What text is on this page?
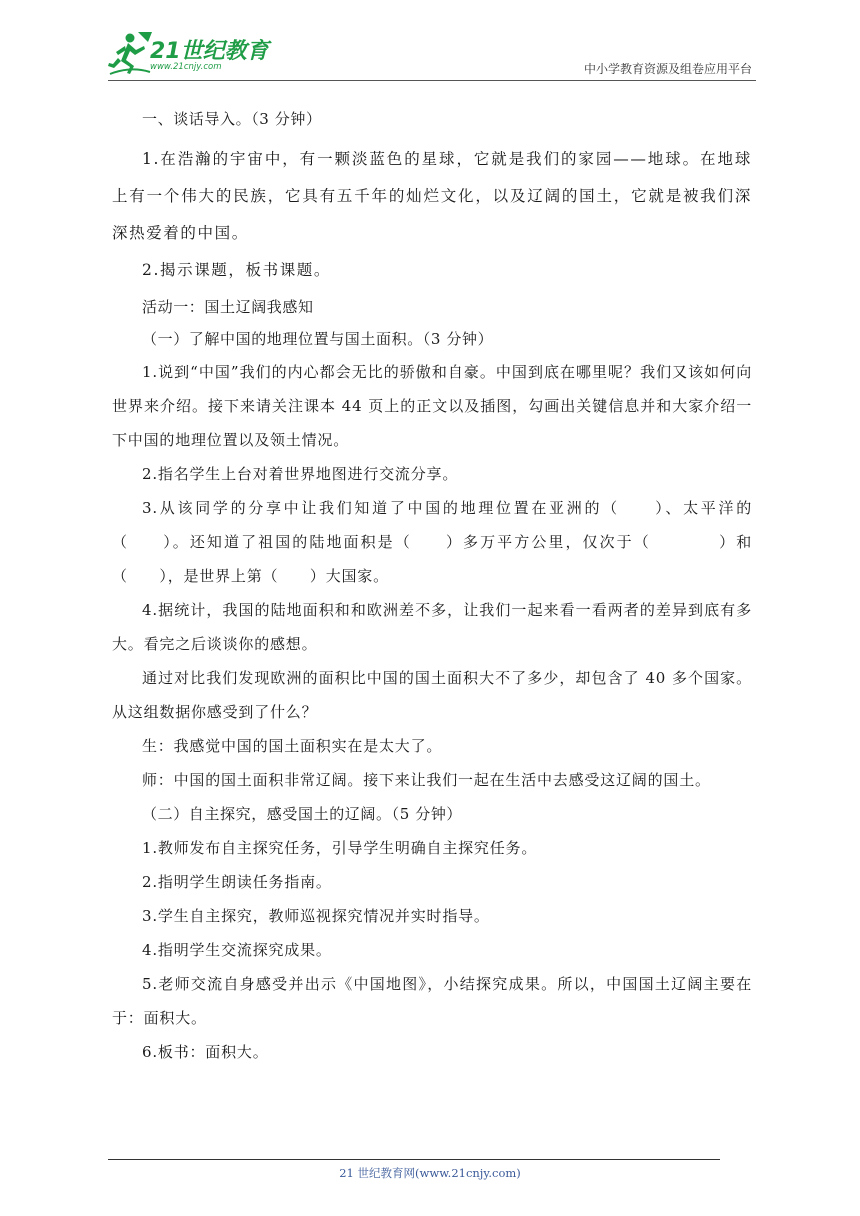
21世纪教育
www.21cnjy.com	中小学教育资源及组卷应用平台

一、谈话导入。（3 分钟）

1.在浩瀚的宇宙中，有一颗淡蓝色的星球，它就是我们的家园——地球。在地球上有一个伟大的民族，它具有五千年的灿烂文化，以及辽阔的国土，它就是被我们深深热爱着的中国。

2.揭示课题，板书课题。

活动一：国土辽阔我感知

（一）了解中国的地理位置与国土面积。（3 分钟）

1.说到“中国”我们的内心都会无比的骄傲和自豪。中国到底在哪里呢？我们又该如何向世界来介绍。接下来请关注课本 44 页上的正文以及插图，勾画出关键信息并和大家介绍一下中国的地理位置以及领土情况。

2.指名学生上台对着世界地图进行交流分享。

3.从该同学的分享中让我们知道了中国的地理位置在亚洲的（　　）、太平洋的（　　）。还知道了祖国的陆地面积是（　　）多万平方公里，仅次于（　　　　）和（　　），是世界上第（　　）大国家。

4.据统计，我国的陆地面积和和欧洲差不多，让我们一起来看一看两者的差异到底有多大。看完之后谈谈你的感想。

通过对比我们发现欧洲的面积比中国的国土面积大不了多少，却包含了 40 多个国家。从这组数据你感受到了什么？

生：我感觉中国的国土面积实在是太大了。

师：中国的国土面积非常辽阔。接下来让我们一起在生活中去感受这辽阔的国土。

（二）自主探究，感受国土的辽阔。（5 分钟）

1.教师发布自主探究任务，引导学生明确自主探究任务。

2.指明学生朗读任务指南。

3.学生自主探究，教师巡视探究情况并实时指导。

4.指明学生交流探究成果。

5.老师交流自身感受并出示《中国地图》，小结探究成果。所以，中国国土辽阔主要在于：面积大。

6.板书：面积大。

21 世纪教育网(www.21cnjy.com)
